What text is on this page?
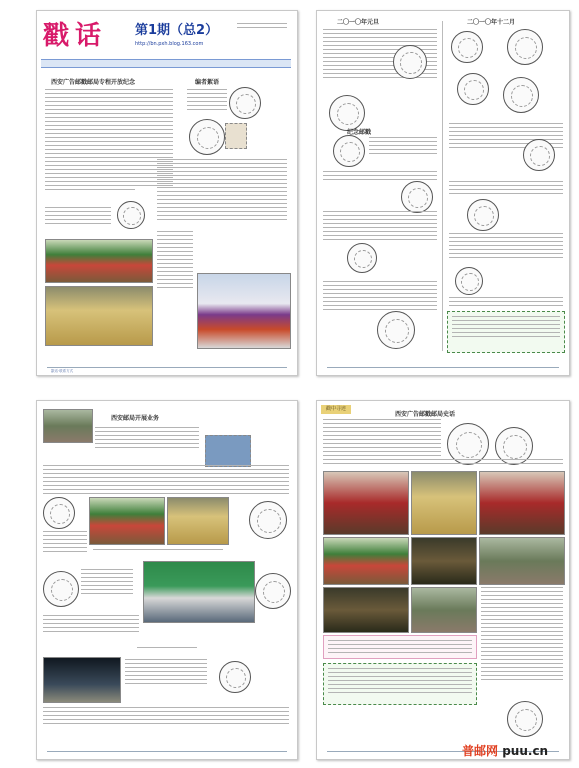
戳话 第1期（总2）
http://bn.pxh.blog.163.com
西安广告邮戳邮局专程开放纪念	编者絮语
戳话·联系方式
二〇一〇年元旦
纪念邮戳
二〇一〇年十二月
西安邮局开展业务
戳中寻迹
西安广告邮戳邮局史话
普邮网 puu.cn
